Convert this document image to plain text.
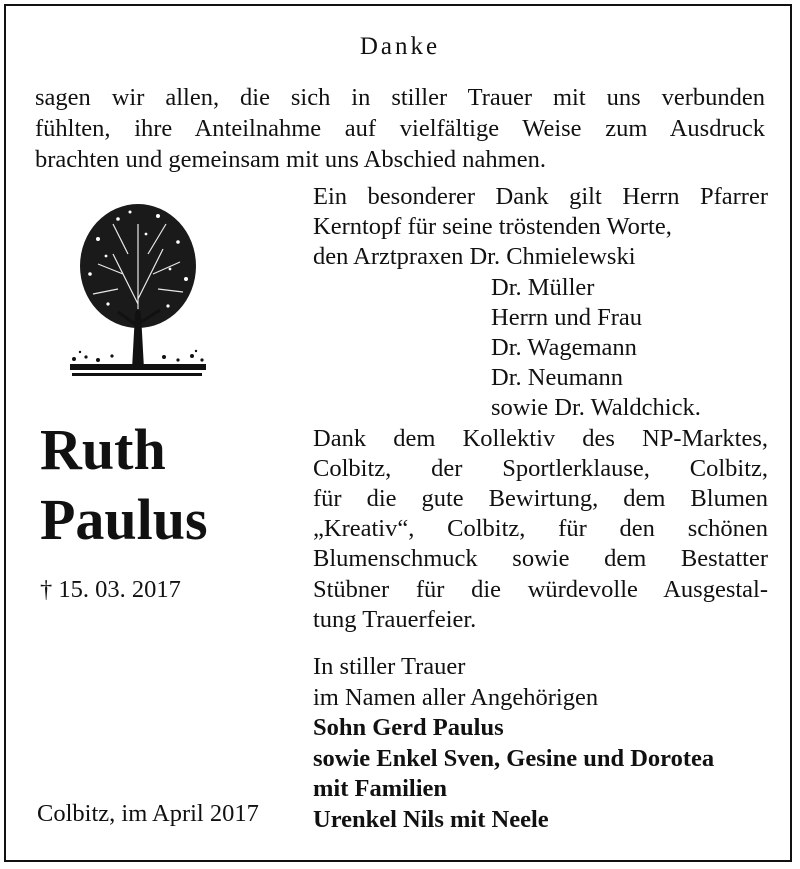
Danke
sagen wir allen, die sich in stiller Trauer mit uns verbunden
fühlten, ihre Anteilnahme auf vielfältige Weise zum Ausdruck
brachten und gemeinsam mit uns Abschied nahmen.
Ein besonderer Dank gilt Herrn Pfarrer
Kerntopf für seine tröstenden Worte,
den Arztpraxen Dr. Chmielewski
Dr. Müller
Herrn und Frau
Dr. Wagemann
Dr. Neumann
sowie Dr. Waldchick.
Dank dem Kollektiv des NP-Marktes,
Colbitz, der Sportlerklause, Colbitz,
für die gute Bewirtung, dem Blumen
„Kreativ“, Colbitz, für den schönen
Blumenschmuck sowie dem Bestatter
Stübner für die würdevolle Ausgestal-
tung Trauerfeier.
Ruth
Paulus
† 15. 03. 2017
In stiller Trauer
im Namen aller Angehörigen
Sohn Gerd Paulus
sowie Enkel Sven, Gesine und Dorotea
mit Familien
Urenkel Nils mit Neele
Colbitz, im April 2017
